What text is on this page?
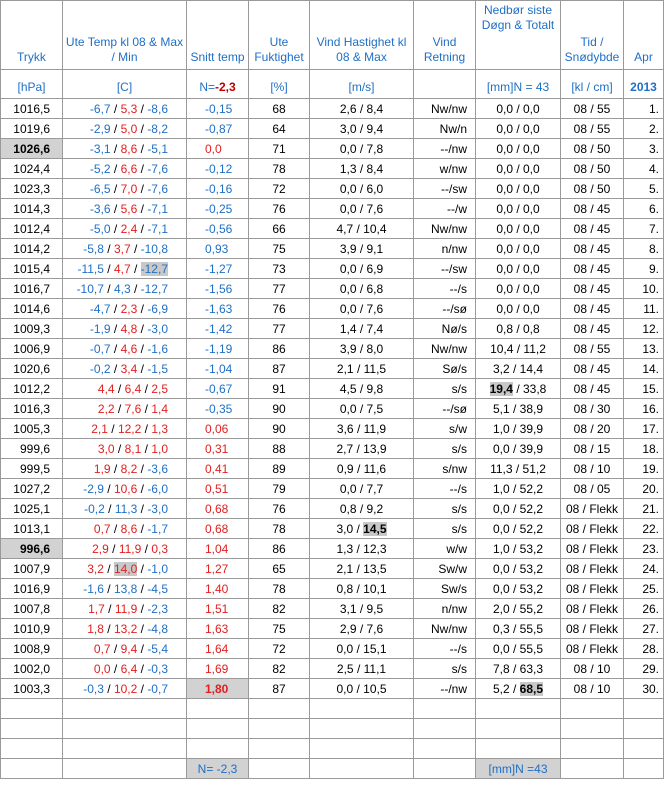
Trykk	Ute Temp kl 08 & Max / Min	Snitt temp	Ute Fuktighet	Vind Hastighet kl 08 & Max	Vind Retning	Nedbør siste Døgn & Totalt	Tid / Snødybde	Apr
[hPa]	[C]	N=-2,3	[%]	[m/s]		[mm]N = 43	[kl / cm]	2013
1016,5	-6,7 / 5,3 / -8,6	-0,15	68	2,6 / 8,4	Nw/nw	0,0 / 0,0	08 / 55	1.
1019,6	-2,9 / 5,0 / -8,2	-0,87	64	3,0 / 9,4	Nw/n	0,0 / 0,0	08 / 55	2.
1026,6	-3,1 / 8,6 / -5,1	0,0	71	0,0 / 7,8	--/nw	0,0 / 0,0	08 / 50	3.
1024,4	-5,2 / 6,6 / -7,6	-0,12	78	1,3 / 8,4	w/nw	0,0 / 0,0	08 / 50	4.
1023,3	-6,5 / 7,0 / -7,6	-0,16	72	0,0 / 6,0	--/sw	0,0 / 0,0	08 / 50	5.
1014,3	-3,6 / 5,6 / -7,1	-0,25	76	0,0 / 7,6	--/w	0,0 / 0,0	08 / 45	6.
1012,4	-5,0 / 2,4 / -7,1	-0,56	66	4,7 / 10,4	Nw/nw	0,0 / 0,0	08 / 45	7.
1014,2	-5,8 / 3,7 / -10,8	0,93	75	3,9 / 9,1	n/nw	0,0 / 0,0	08 / 45	8.
1015,4	-11,5 / 4,7 / -12,7	-1,27	73	0,0 / 6,9	--/sw	0,0 / 0,0	08 / 45	9.
1016,7	-10,7 / 4,3 / -12,7	-1,56	77	0,0 / 6,8	--/s	0,0 / 0,0	08 / 45	10.
1014,6	-4,7 / 2,3 / -6,9	-1,63	76	0,0 / 7,6	--/sø	0,0 / 0,0	08 / 45	11.
1009,3	-1,9 / 4,8 / -3,0	-1,42	77	1,4 / 7,4	Nø/s	0,8 / 0,8	08 / 45	12.
1006,9	-0,7 / 4,6 / -1,6	-1,19	86	3,9 / 8,0	Nw/nw	10,4 / 11,2	08 / 55	13.
1020,6	-0,2 / 3,4 / -1,5	-1,04	87	2,1 / 11,5	Sø/s	3,2 / 14,4	08 / 45	14.
1012,2	4,4 / 6,4 / 2,5	-0,67	91	4,5 / 9,8	s/s	19,4 / 33,8	08 / 45	15.
1016,3	2,2 / 7,6 / 1,4	-0,35	90	0,0 / 7,5	--/sø	5,1 / 38,9	08 / 30	16.
1005,3	2,1 / 12,2 / 1,3	0,06	90	3,6 / 11,9	s/w	1,0 / 39,9	08 / 20	17.
999,6	3,0 / 8,1 / 1,0	0,31	88	2,7 / 13,9	s/s	0,0 / 39,9	08 / 15	18.
999,5	1,9 / 8,2 / -3,6	0,41	89	0,9 / 11,6	s/nw	11,3 / 51,2	08 / 10	19.
1027,2	-2,9 / 10,6 / -6,0	0,51	79	0,0 / 7,7	--/s	1,0 / 52,2	08 / 05	20.
1025,1	-0,2 / 11,3 / -3,0	0,68	76	0,8 / 9,2	s/s	0,0 / 52,2	08 / Flekk	21.
1013,1	0,7 / 8,6 / -1,7	0,68	78	3,0 / 14,5	s/s	0,0 / 52,2	08 / Flekk	22.
996,6	2,9 / 11,9 / 0,3	1,04	86	1,3 / 12,3	w/w	1,0 / 53,2	08 / Flekk	23.
1007,9	3,2 / 14,0 / -1,0	1,27	65	2,1 / 13,5	Sw/w	0,0 / 53,2	08 / Flekk	24.
1016,9	-1,6 / 13,8 / -4,5	1,40	78	0,8 / 10,1	Sw/s	0,0 / 53,2	08 / Flekk	25.
1007,8	1,7 / 11,9 / -2,3	1,51	82	3,1 / 9,5	n/nw	2,0 / 55,2	08 / Flekk	26.
1010,9	1,8 / 13,2 / -4,8	1,63	75	2,9 / 7,6	Nw/nw	0,3 / 55,5	08 / Flekk	27.
1008,9	0,7 / 9,4 / -5,4	1,64	72	0,0 / 15,1	--/s	0,0 / 55,5	08 / Flekk	28.
1002,0	0,0 / 6,4 / -0,3	1,69	82	2,5 / 11,1	s/s	7,8 / 63,3	08 / 10	29.
1003,3	-0,3 / 10,2 / -0,7	1,80	87	0,0 / 10,5	--/nw	5,2 / 68,5	08 / 10	30.

		N= -2,3				[mm]N =43		
